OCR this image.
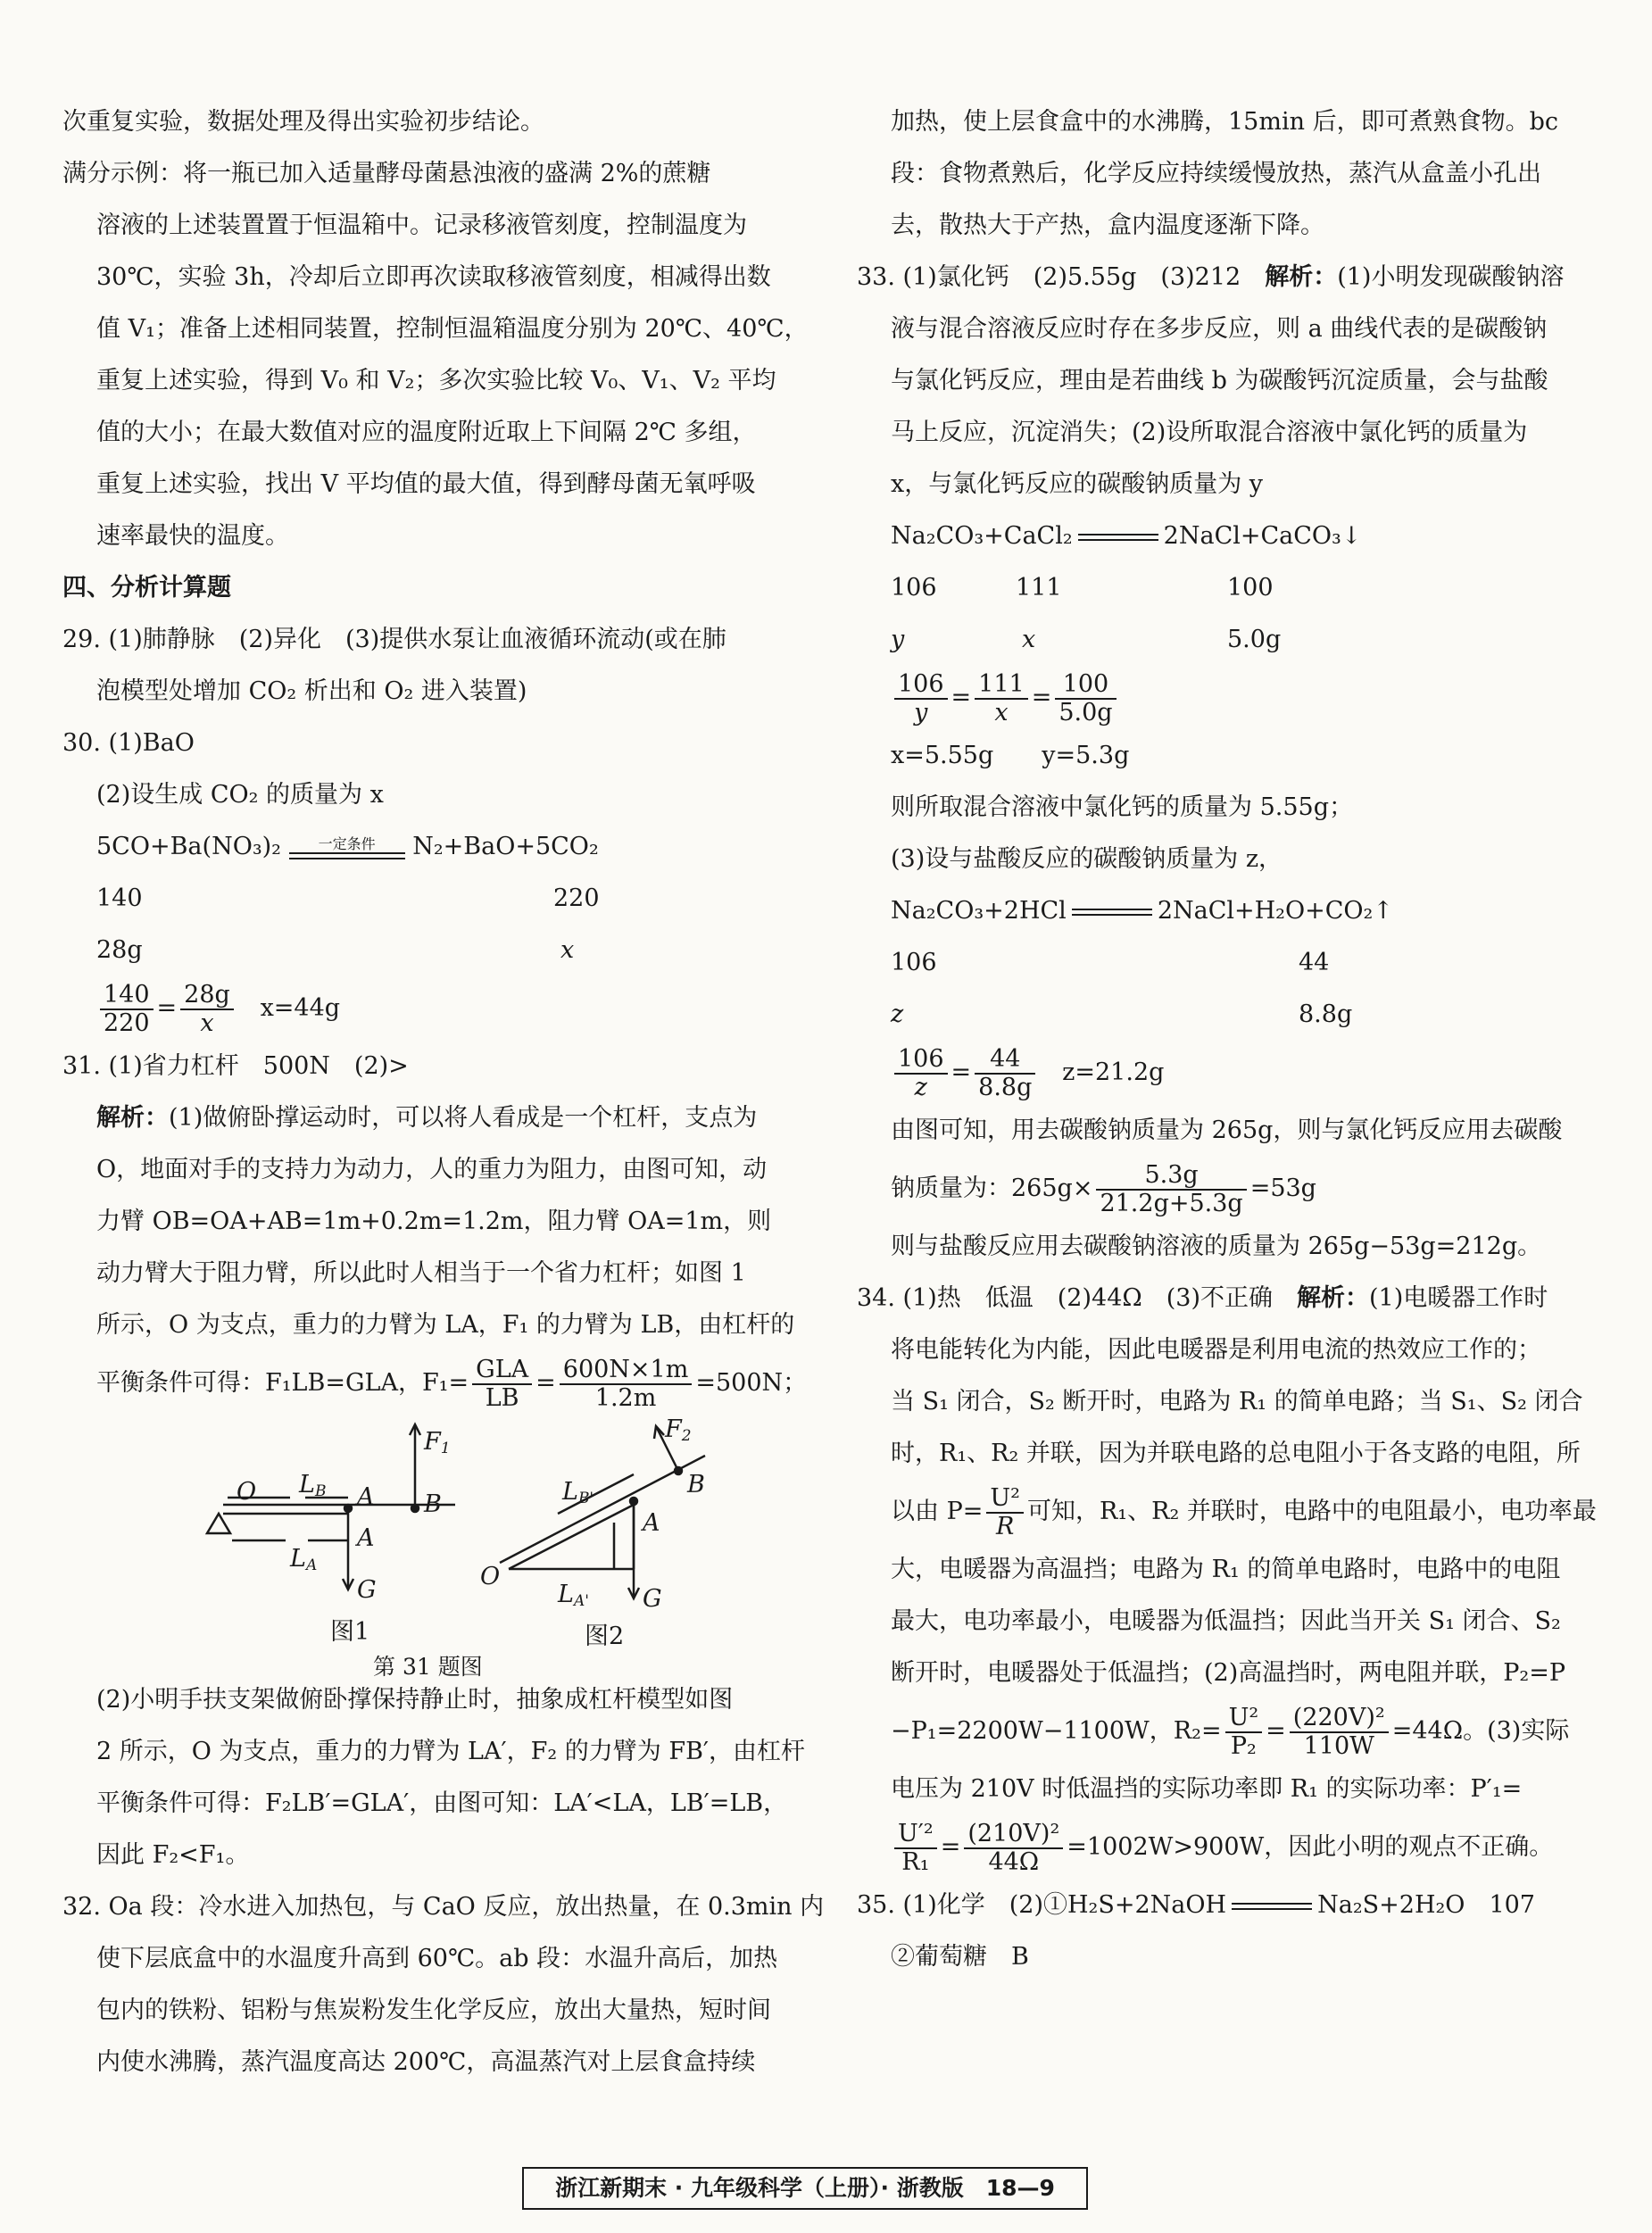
次重复实验，数据处理及得出实验初步结论。

满分示例：将一瓶已加入适量酵母菌悬浊液的盛满 2%的蔗糖

溶液的上述装置置于恒温箱中。记录移液管刻度，控制温度为

30℃，实验 3h，冷却后立即再次读取移液管刻度，相减得出数

值 V₁；准备上述相同装置，控制恒温箱温度分别为 20℃、40℃，

重复上述实验，得到 V₀ 和 V₂；多次实验比较 V₀、V₁、V₂ 平均

值的大小；在最大数值对应的温度附近取上下间隔 2℃ 多组，

重复上述实验，找出 V 平均值的最大值，得到酵母菌无氧呼吸

速率最快的温度。

四、分析计算题

29. (1)肺静脉　(2)异化　(3)提供水泵让血液循环流动(或在肺

泡模型处增加 CO₂ 析出和 O₂ 进入装置)

30. (1)BaO

(2)设生成 CO₂ 的质量为 x

5CO+Ba(NO₃)₂	一定条件	N₂+BaO+5CO₂
140	220
28g	x
$\frac{140}{220} = \frac{28g}{x} x=44g$

31. (1)省力杠杆　500N　(2)>

解析：(1)做俯卧撑运动时，可以将人看成是一个杠杆，支点为

O，地面对手的支持力为动力，人的重力为阻力，由图可知，动

力臂 OB=OA+AB=1m+0.2m=1.2m，阻力臂 OA=1m，则

动力臂大于阻力臂，所以此时人相当于一个省力杠杆；如图 1

所示，O 为支点，重力的力臂为 LA，F₁ 的力臂为 LB，由杠杆的

平衡条件可得：F₁LB=GLA，$F_1= \frac{\text{GLA}}{LB} = \frac{600N\times 1m}{1.2m} =500N$；
O $L_B$ A
A
B
$F_1$
$L_A$
G
图1
O
$L_{B'}$
A
B
$F_2$
$L_{A'}$ G
图2
第 31 题图

(2)小明手扶支架做俯卧撑保持静止时，抽象成杠杆模型如图

2 所示，O 为支点，重力的力臂为 LA′，F₂ 的力臂为 FB′，由杠杆

平衡条件可得：F₂LB′=GLA′，由图可知：LA′<LA，LB′=LB，

因此 F₂<F₁。

32. Oa 段：冷水进入加热包，与 CaO 反应，放出热量，在 0.3min 内

使下层底盒中的水温度升高到 60℃。ab 段：水温升高后，加热

包内的铁粉、铝粉与焦炭粉发生化学反应，放出大量热，短时间

内使水沸腾，蒸汽温度高达 200℃，高温蒸汽对上层食盒持续

加热，使上层食盒中的水沸腾，15min 后，即可煮熟食物。bc

段：食物煮熟后，化学反应持续缓慢放热，蒸汽从盒盖小孔出

去，散热大于产热，盒内温度逐渐下降。

33. (1)氯化钙　(2)5.55g　(3)212　解析：(1)小明发现碳酸钠溶

液与混合溶液反应时存在多步反应，则 a 曲线代表的是碳酸钠

与氯化钙反应，理由是若曲线 b 为碳酸钙沉淀质量，会与盐酸

马上反应，沉淀消失；(2)设所取混合溶液中氯化钙的质量为

x，与氯化钙反应的碳酸钠质量为 y

Na₂CO₃+CaCl₂	2NaCl+CaCO₃↓
106	111	100
y	x	5.0g
$\frac{106}{y} = \frac{111}{x} = \frac{100}{5.0g}$

x=5.55g　　y=5.3g

则所取混合溶液中氯化钙的质量为 5.55g；

(3)设与盐酸反应的碳酸钠质量为 z，

Na₂CO₃+2HCl	2NaCl+H₂O+CO₂↑
106	44
z	8.8g
$\frac{106}{z} = \frac{44}{8.8g} z=21.2g$

由图可知，用去碳酸钠质量为 265g，则与氯化钙反应用去碳酸

钠质量为：$265g\times \frac{5.3g}{21.2g+5.3g} =53g$

则与盐酸反应用去碳酸钠溶液的质量为 265g−53g=212g。

34. (1)热　低温　(2)44Ω　(3)不正确　解析：(1)电暖器工作时

将电能转化为内能，因此电暖器是利用电流的热效应工作的；

当 S₁ 闭合，S₂ 断开时，电路为 R₁ 的简单电路；当 S₁、S₂ 闭合

时，R₁、R₂ 并联，因为并联电路的总电阻小于各支路的电阻，所

以由 $P= \frac{\text{U²}}{R}$ 可知，R₁、R₂ 并联时，电路中的电阻最小，电功率最

大，电暖器为高温挡；电路为 R₁ 的简单电路时，电路中的电阻

最大，电功率最小，电暖器为低温挡；因此当开关 S₁ 闭合、S₂

断开时，电暖器处于低温挡；(2)高温挡时，两电阻并联，P₂=P

−P₁=2200W−1100W，$R_2= \frac{\text{U²}}{\text{P₂}} = \frac{\text{(220V)²}}{110W} =44\Omega$。(3)实际

电压为 210V 时低温挡的实际功率即 R₁ 的实际功率：P′₁=

$\frac{\text{U′²}}{\text{R₁}} = \frac{\text{(210V)²}}{44\Omega} =1002W>900W$，因此小明的观点不正确。
35. (1)化学　(2)①H₂S+2NaOH	Na₂S+2H₂O　107

②葡萄糖　B

浙江新期末 · 九年级科学（上册）· 浙教版　18—9
